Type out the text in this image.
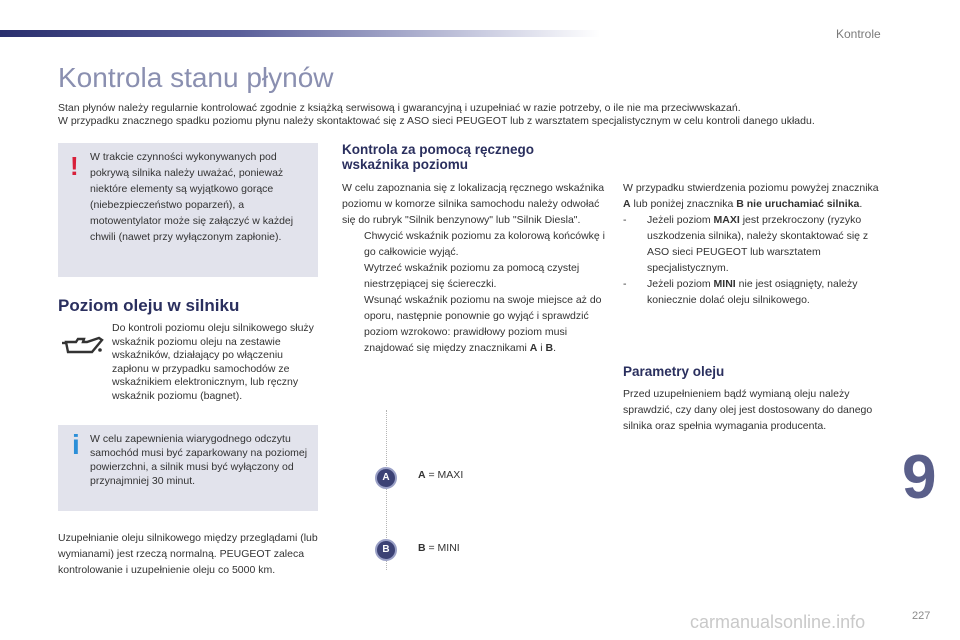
Kontrole
Kontrola stanu płynów

Stan płynów należy regularnie kontrolować zgodnie z książką serwisową i gwarancyjną i uzupełniać w razie potrzeby, o ile nie ma przeciwwskazań.

W przypadku znacznego spadku poziomu płynu należy skontaktować się z ASO sieci PEUGEOT lub z warsztatem specjalistycznym w celu kontroli danego układu.

! W trakcie czynności wykonywanych pod pokrywą silnika należy uważać, ponieważ niektóre elementy są wyjątkowo gorące (niebezpieczeństwo poparzeń), a motowentylator może się załączyć w każdej chwili (nawet przy wyłączonym zapłonie).
Poziom oleju w silniku
Do kontroli poziomu oleju silnikowego służy wskaźnik poziomu oleju na zestawie wskaźników, działający po włączeniu zapłonu w przypadku samochodów ze wskaźnikiem elektronicznym, lub ręczny wskaźnik poziomu (bagnet).
i W celu zapewnienia wiarygodnego odczytu samochód musi być zaparkowany na poziomej powierzchni, a silnik musi być wyłączony od przynajmniej 30 minut.
Uzupełnianie oleju silnikowego między przeglądami (lub wymianami) jest rzeczą normalną. PEUGEOT zaleca kontrolowanie i uzupełnienie oleju co 5000 km.
Kontrola za pomocą ręcznego wskaźnika poziomu
W celu zapoznania się z lokalizacją ręcznego wskaźnika poziomu w komorze silnika samochodu należy odwołać się do rubryk "Silnik benzynowy" lub "Silnik Diesla".
Chwycić wskaźnik poziomu za kolorową końcówkę i go całkowicie wyjąć.
Wytrzeć wskaźnik poziomu za pomocą czystej niestrzępiącej się ściereczki.
Wsunąć wskaźnik poziomu na swoje miejsce aż do oporu, następnie ponownie go wyjąć i sprawdzić poziom wzrokowo: prawidłowy poziom musi znajdować się między znacznikami A i B.
W przypadku stwierdzenia poziomu powyżej znacznika A lub poniżej znacznika B nie uruchamiać silnika.
- Jeżeli poziom MAXI jest przekroczony (ryzyko uszkodzenia silnika), należy skontaktować się z ASO sieci PEUGEOT lub warsztatem specjalistycznym.
- Jeżeli poziom MINI nie jest osiągnięty, należy koniecznie dolać oleju silnikowego.
Parametry oleju
Przed uzupełnieniem bądź wymianą oleju należy sprawdzić, czy dany olej jest dostosowany do danego silnika oraz spełnia wymagania producenta.
A	A = MAXI
B	B = MINI
9
carmanualsonline.info	227
